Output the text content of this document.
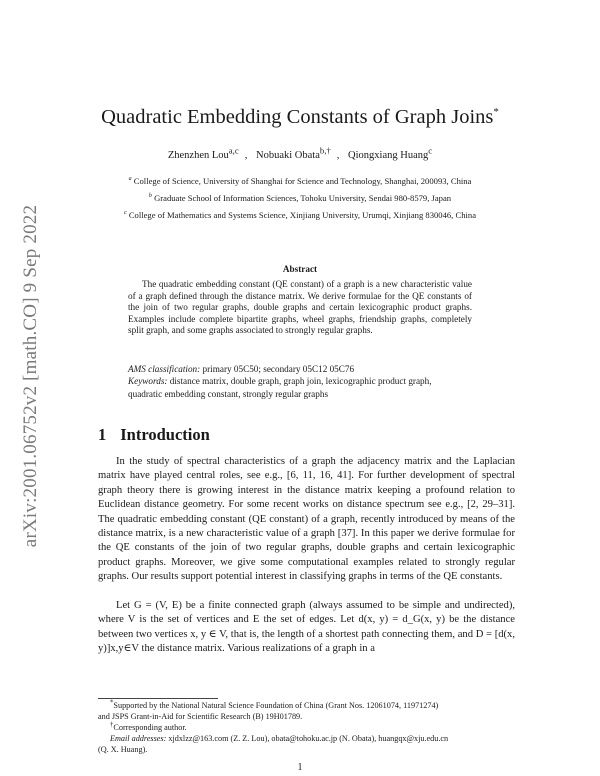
arXiv:2001.06752v2 [math.CO] 9 Sep 2022
Quadratic Embedding Constants of Graph Joins*
Zhenzhen Lou$^{a,c}$ , Nobuaki Obata$^{b,\dagger}$ , Qiongxiang Huang$^c$
$^a$ College of Science, University of Shanghai for Science and Technology, Shanghai, 200093, China
$^b$ Graduate School of Information Sciences, Tohoku University, Sendai 980-8579, Japan
$^c$ College of Mathematics and Systems Science, Xinjiang University, Urumqi, Xinjiang 830046, China
Abstract
The quadratic embedding constant (QE constant) of a graph is a new characteristic value of a graph defined through the distance matrix. We derive formulae for the QE constants of the join of two regular graphs, double graphs and certain lexicographic product graphs. Examples include complete bipartite graphs, wheel graphs, friendship graphs, completely split graph, and some graphs associated to strongly regular graphs.
AMS classification: primary 05C50; secondary 05C12 05C76
Keywords: distance matrix, double graph, graph join, lexicographic product graph,
quadratic embedding constant, strongly regular graphs
1 Introduction
In the study of spectral characteristics of a graph the adjacency matrix and the Laplacian matrix have played central roles, see e.g., [6, 11, 16, 41]. For further development of spectral graph theory there is growing interest in the distance matrix keeping a profound relation to Euclidean distance geometry. For some recent works on distance spectrum see e.g., [2, 29–31]. The quadratic embedding constant (QE constant) of a graph, recently introduced by means of the distance matrix, is a new characteristic value of a graph [37]. In this paper we derive formulae for the QE constants of the join of two regular graphs, double graphs and certain lexicographic product graphs. Moreover, we give some computational examples related to strongly regular graphs. Our results support potential interest in classifying graphs in terms of the QE constants.
Let G = (V, E) be a finite connected graph (always assumed to be simple and undirected), where V is the set of vertices and E the set of edges. Let d(x, y) = d_G(x, y) be the distance between two vertices x, y ∈ V, that is, the length of a shortest path connecting them, and D = [d(x, y)]x,y∈V the distance matrix. Various realizations of a graph in a
*Supported by the National Natural Science Foundation of China (Grant Nos. 12061074, 11971274)
and JSPS Grant-in-Aid for Scientific Research (B) 19H01789.
†Corresponding author.
Email addresses: xjdxlzz@163.com (Z. Z. Lou), obata@tohoku.ac.jp (N. Obata), huangqx@xju.edu.cn
(Q. X. Huang).
1
